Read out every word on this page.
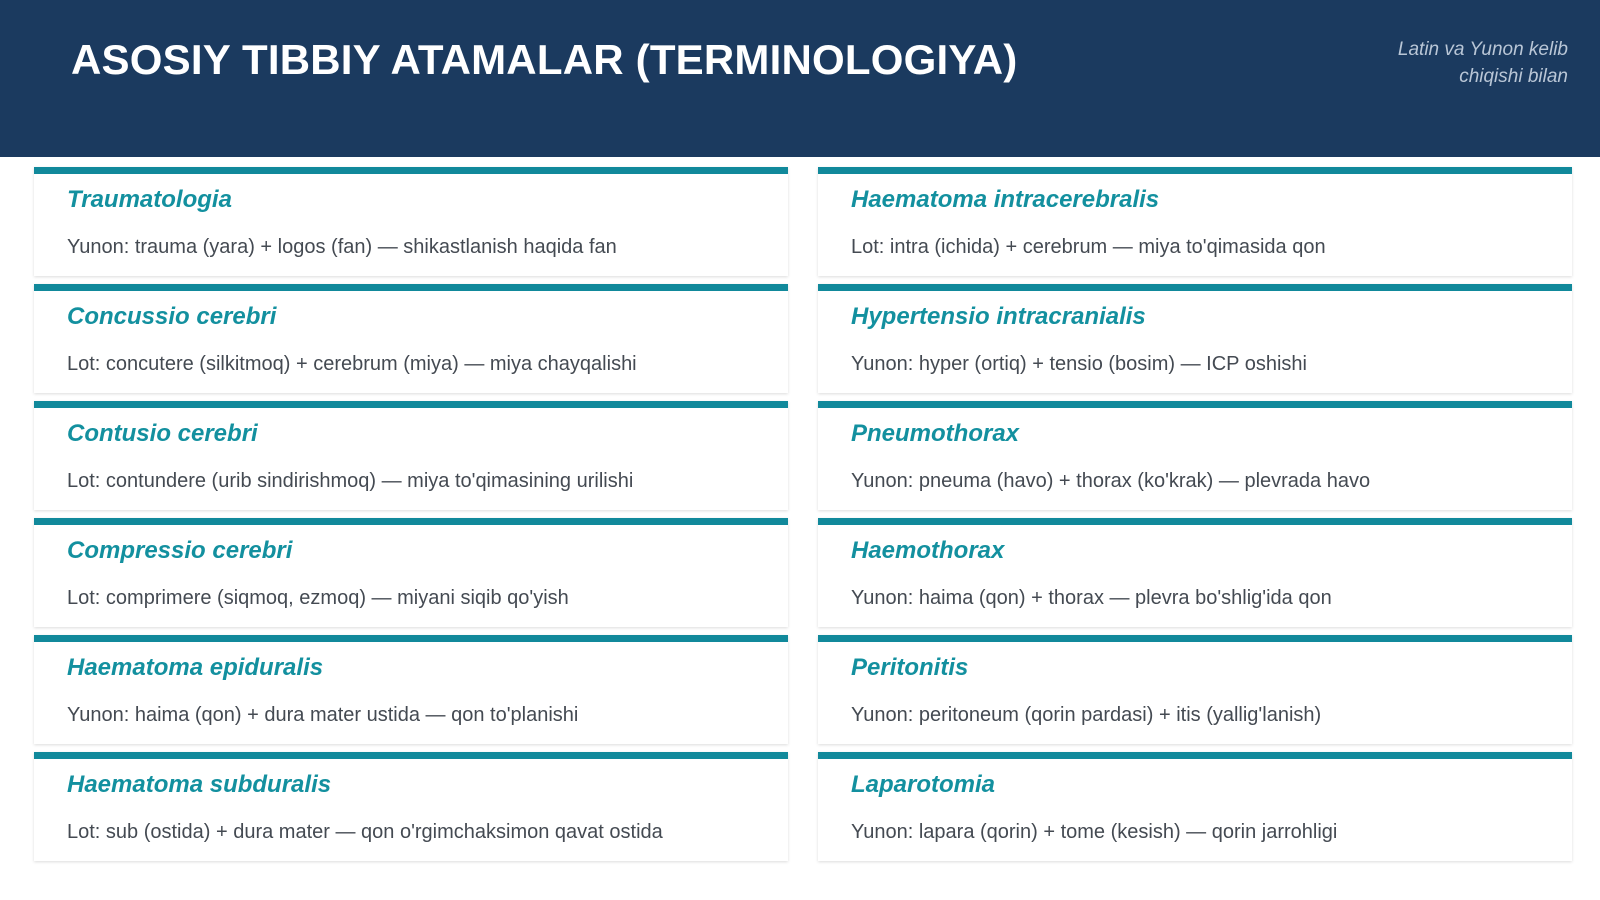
ASOSIY TIBBIY ATAMALAR (TERMINOLOGIYA)	Latin va Yunon kelib
chiqishi bilan
Traumatologia
Yunon: trauma (yara) + logos (fan) — shikastlanish haqida fan
Haematoma intracerebralis
Lot: intra (ichida) + cerebrum — miya to'qimasida qon
Concussio cerebri
Lot: concutere (silkitmoq) + cerebrum (miya) — miya chayqalishi
Hypertensio intracranialis
Yunon: hyper (ortiq) + tensio (bosim) — ICP oshishi
Contusio cerebri
Lot: contundere (urib sindirishmoq) — miya to'qimasining urilishi
Pneumothorax
Yunon: pneuma (havo) + thorax (ko'krak) — plevrada havo
Compressio cerebri
Lot: comprimere (siqmoq, ezmoq) — miyani siqib qo'yish
Haemothorax
Yunon: haima (qon) + thorax — plevra bo'shlig'ida qon
Haematoma epiduralis
Yunon: haima (qon) + dura mater ustida — qon to'planishi
Peritonitis
Yunon: peritoneum (qorin pardasi) + itis (yallig'lanish)
Haematoma subduralis
Lot: sub (ostida) + dura mater — qon o'rgimchaksimon qavat ostida
Laparotomia
Yunon: lapara (qorin) + tome (kesish) — qorin jarrohligi
